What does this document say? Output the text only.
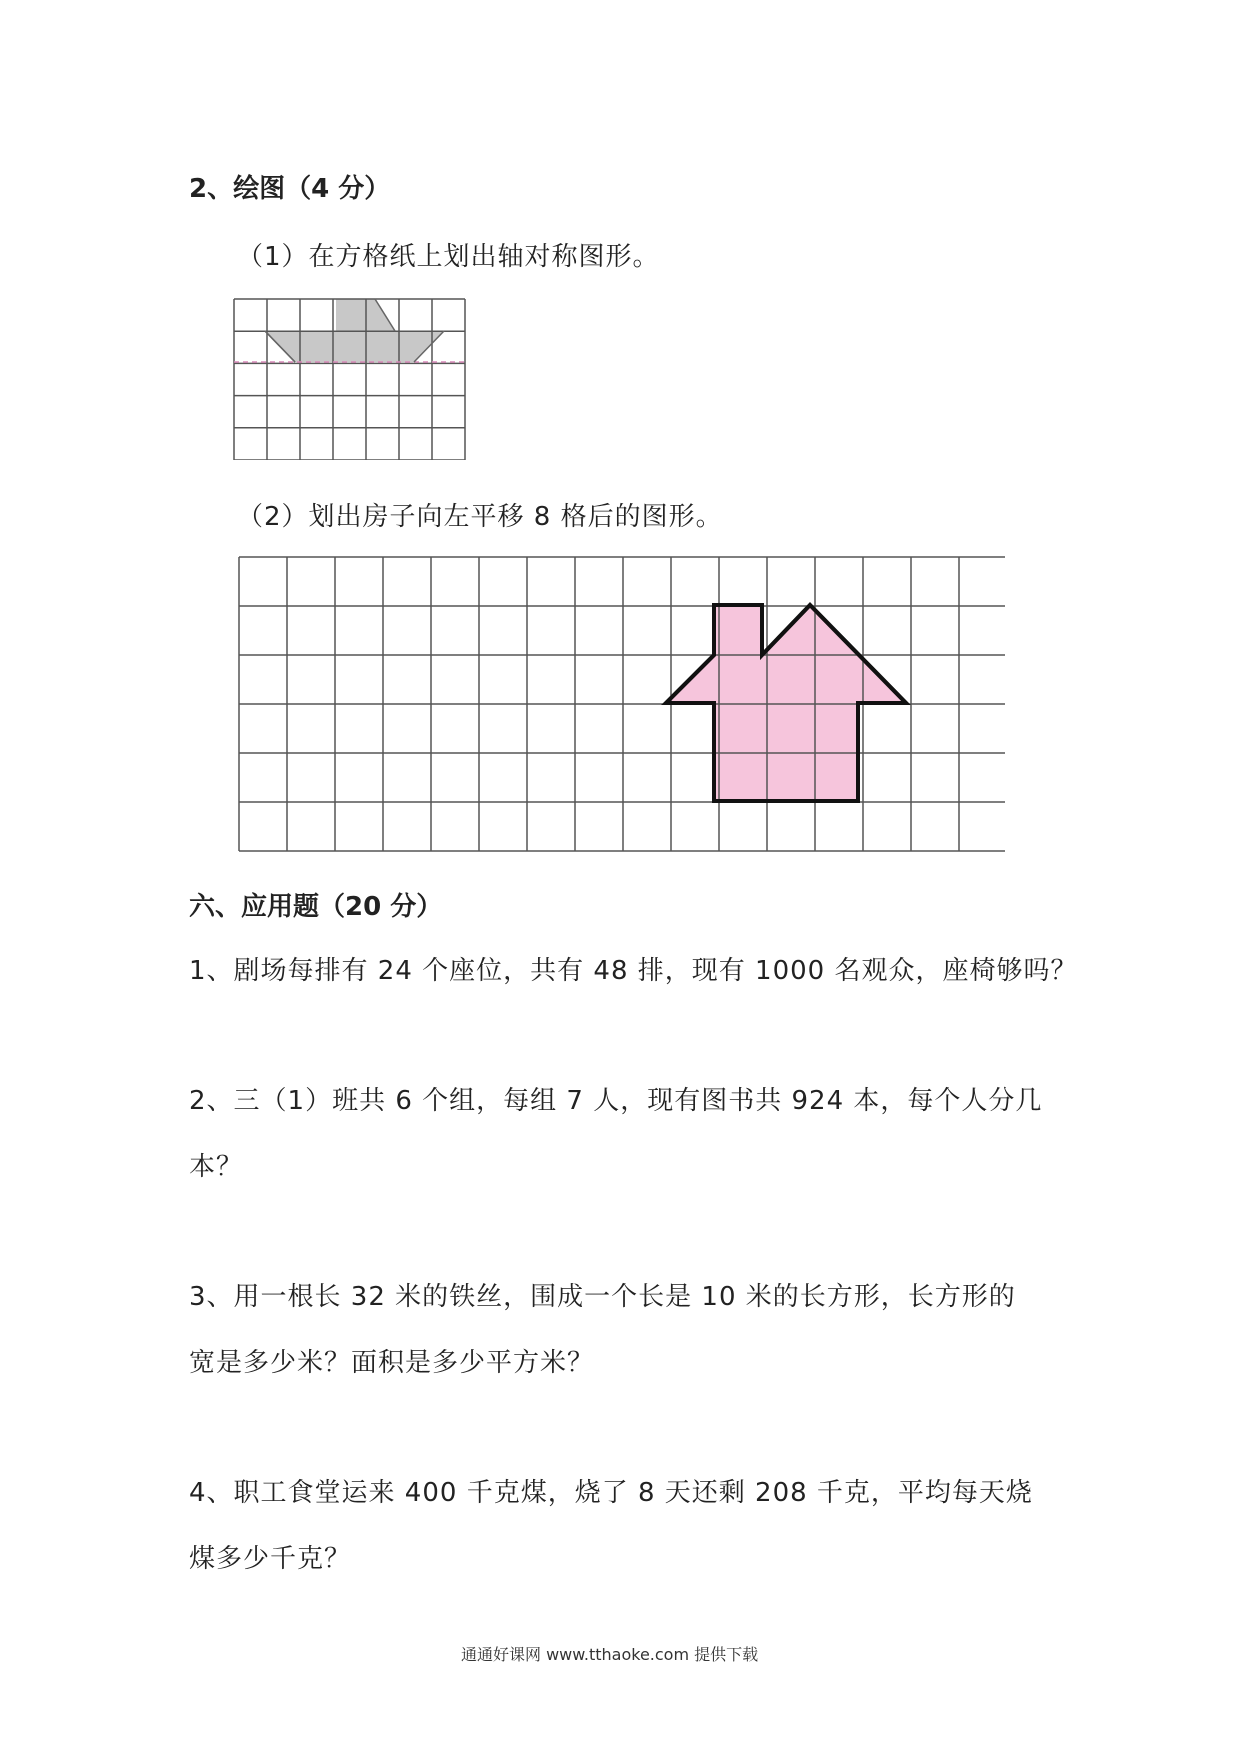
2、绘图（4 分）
（1）在方格纸上划出轴对称图形。
（2）划出房子向左平移 8 格后的图形。
六、应用题（20 分）
1、剧场每排有 24 个座位，共有 48 排，现有 1000 名观众，座椅够吗？
2、三（1）班共 6 个组，每组 7 人，现有图书共 924 本，每个人分几
本？
3、用一根长 32 米的铁丝，围成一个长是 10 米的长方形，长方形的
宽是多少米？面积是多少平方米？
4、职工食堂运来 400 千克煤，烧了 8 天还剩 208 千克，平均每天烧
煤多少千克？
通通好课网 www.tthaoke.com 提供下载
